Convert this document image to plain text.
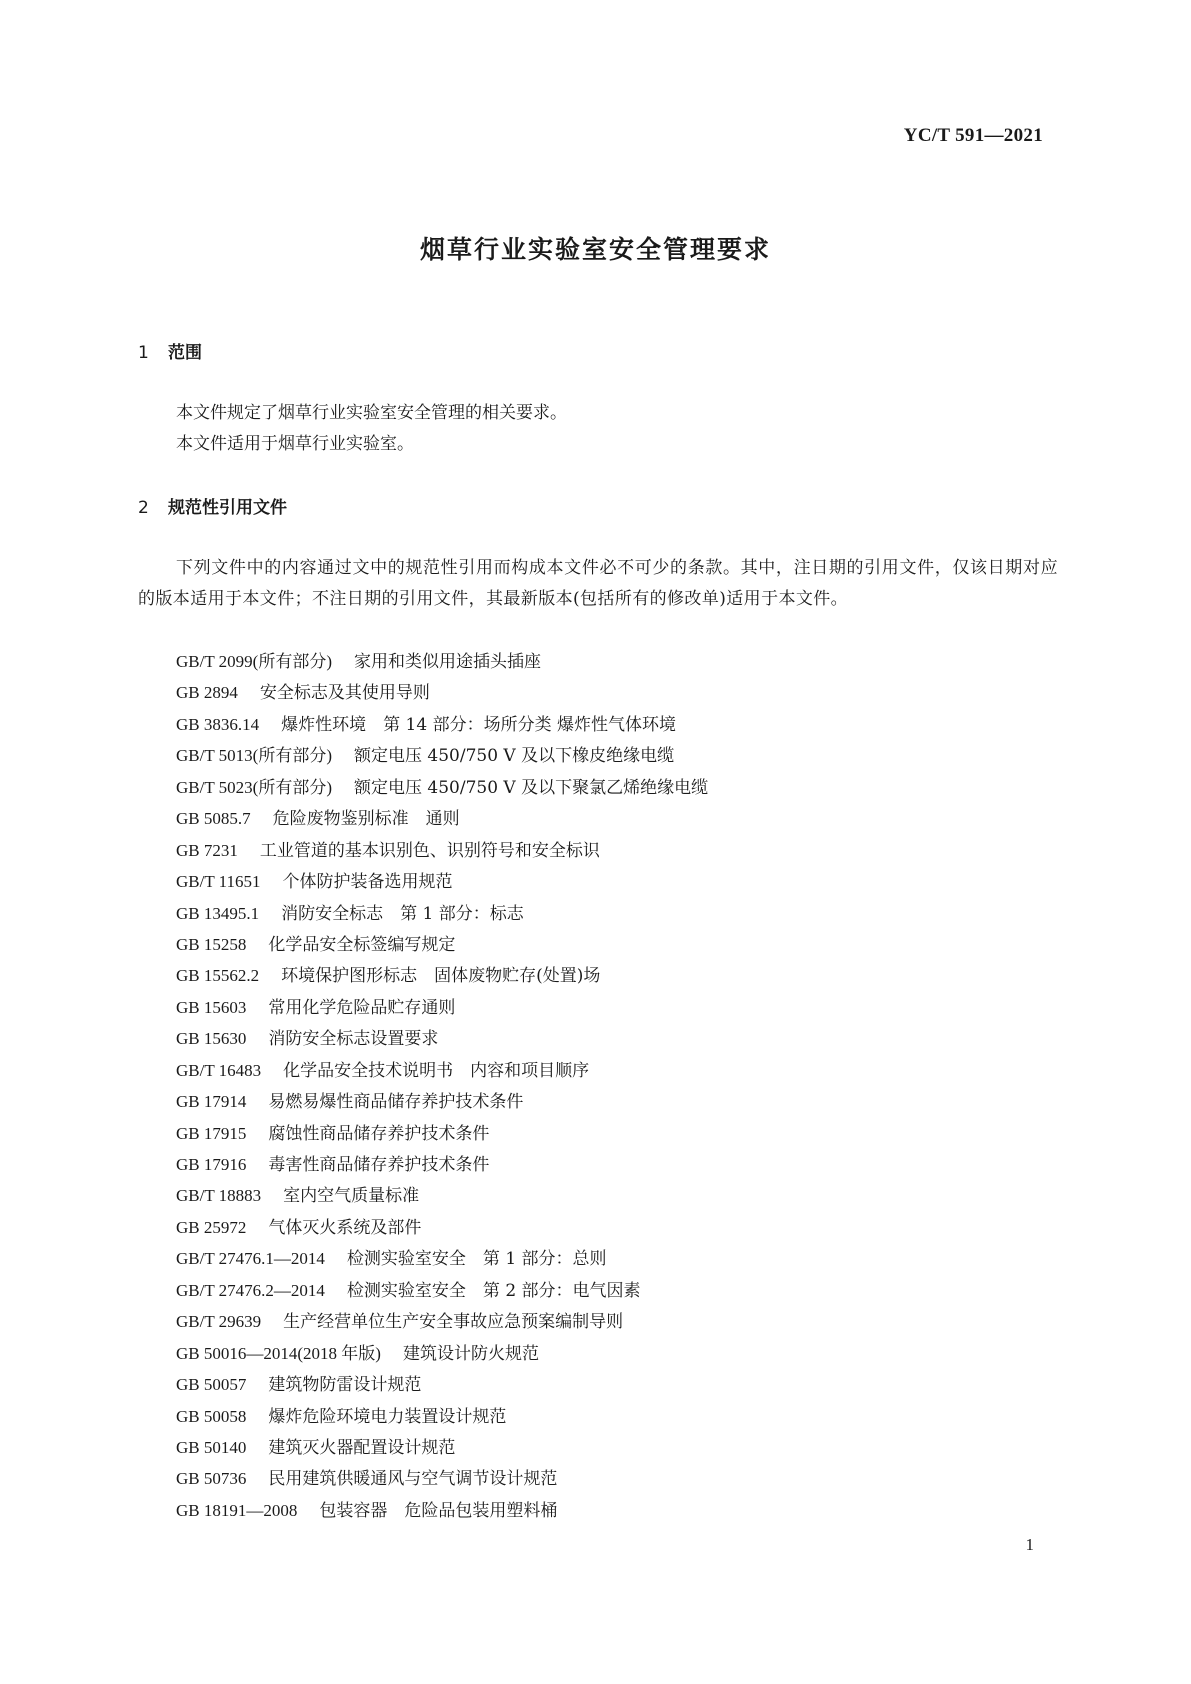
YC/T 591—2021
烟草行业实验室安全管理要求
1 范围

本文件规定了烟草行业实验室安全管理的相关要求。

本文件适用于烟草行业实验室。

2 规范性引用文件

下列文件中的内容通过文中的规范性引用而构成本文件必不可少的条款。其中，注日期的引用文件，仅该日期对应的版本适用于本文件；不注日期的引用文件，其最新版本(包括所有的修改单)适用于本文件。

GB/T 2099(所有部分) 家用和类似用途插头插座
GB 2894 安全标志及其使用导则
GB 3836.14 爆炸性环境　第 14 部分：场所分类 爆炸性气体环境
GB/T 5013(所有部分) 额定电压 450/750 V 及以下橡皮绝缘电缆
GB/T 5023(所有部分) 额定电压 450/750 V 及以下聚氯乙烯绝缘电缆
GB 5085.7 危险废物鉴别标准　通则
GB 7231 工业管道的基本识别色、识别符号和安全标识
GB/T 11651 个体防护装备选用规范
GB 13495.1 消防安全标志　第 1 部分：标志
GB 15258 化学品安全标签编写规定
GB 15562.2 环境保护图形标志　固体废物贮存(处置)场
GB 15603 常用化学危险品贮存通则
GB 15630 消防安全标志设置要求
GB/T 16483 化学品安全技术说明书　内容和项目顺序
GB 17914 易燃易爆性商品储存养护技术条件
GB 17915 腐蚀性商品储存养护技术条件
GB 17916 毒害性商品储存养护技术条件
GB/T 18883 室内空气质量标准
GB 25972 气体灭火系统及部件
GB/T 27476.1—2014 检测实验室安全　第 1 部分：总则
GB/T 27476.2—2014 检测实验室安全　第 2 部分：电气因素
GB/T 29639 生产经营单位生产安全事故应急预案编制导则
GB 50016—2014(2018 年版) 建筑设计防火规范
GB 50057 建筑物防雷设计规范
GB 50058 爆炸危险环境电力装置设计规范
GB 50140 建筑灭火器配置设计规范
GB 50736 民用建筑供暖通风与空气调节设计规范
GB 18191—2008 包装容器　危险品包装用塑料桶
1
